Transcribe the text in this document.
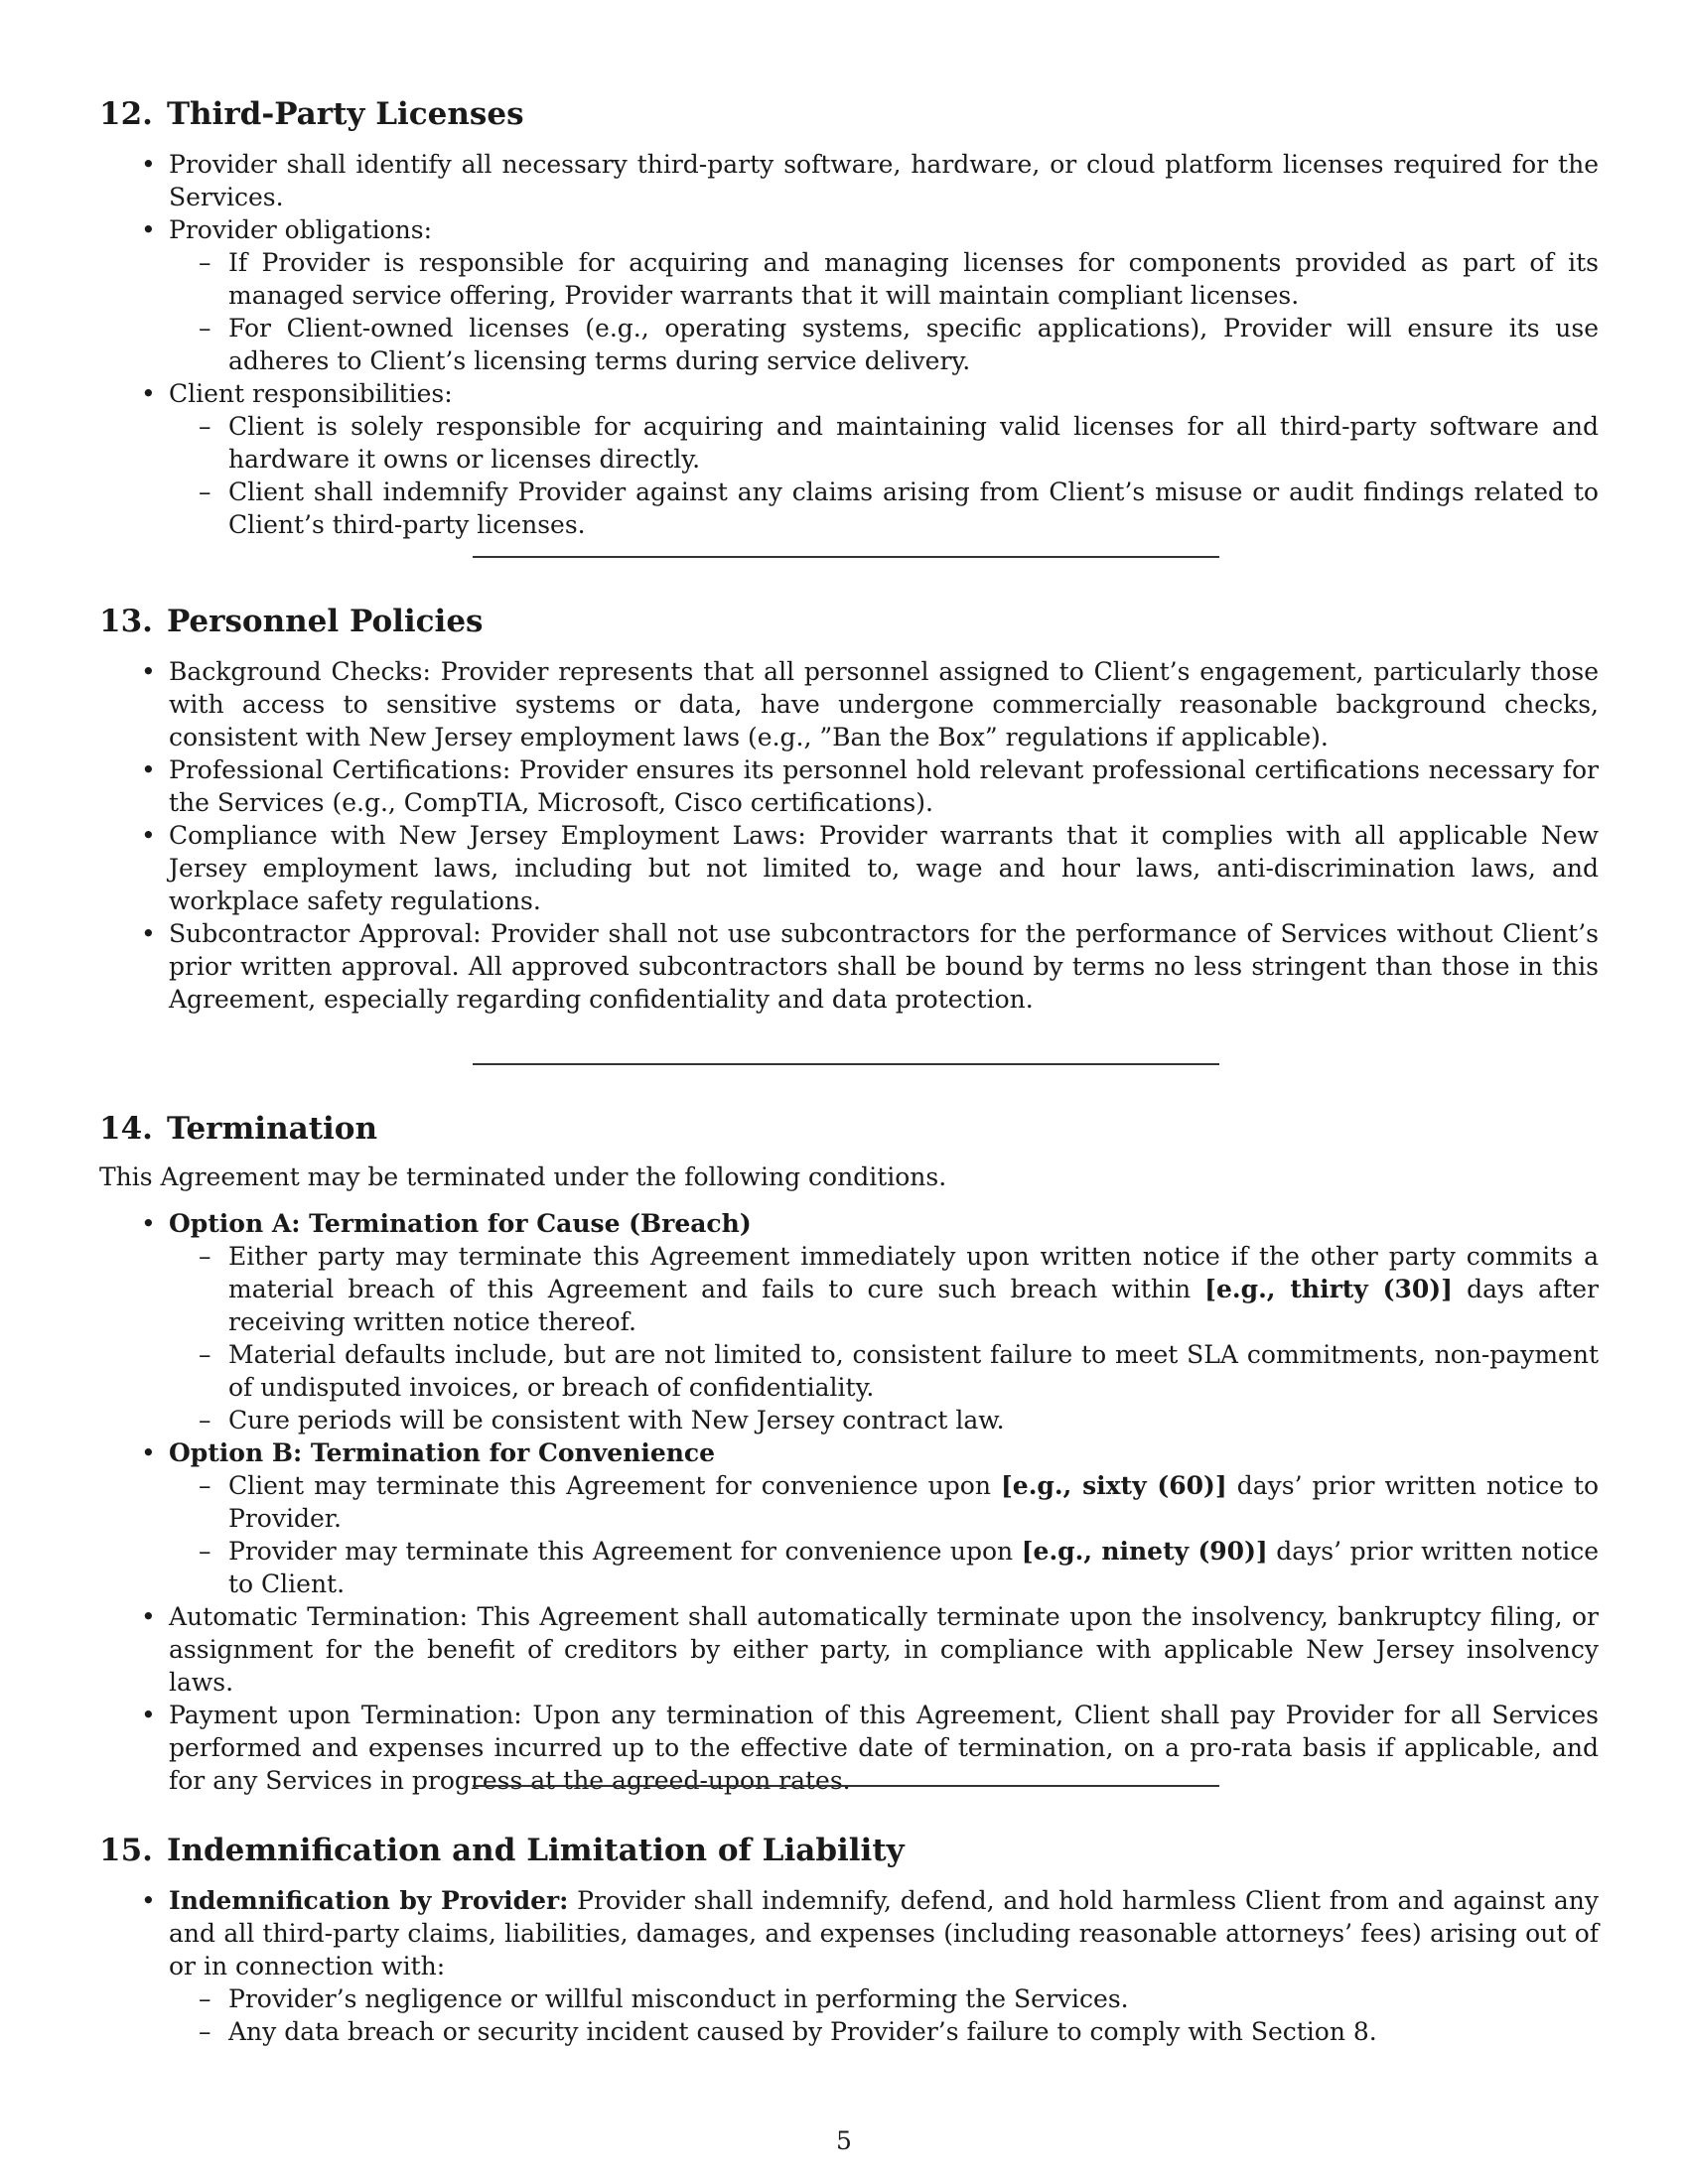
12. Third-Party Licenses
• Provider shall identify all necessary third-party software, hardware, or cloud platform licenses required for the Services.
• Provider obligations:
– If Provider is responsible for acquiring and managing licenses for components provided as part of its managed service offering, Provider warrants that it will maintain compliant licenses.
– For Client-owned licenses (e.g., operating systems, specific applications), Provider will ensure its use adheres to Client’s licensing terms during service delivery.
• Client responsibilities:
– Client is solely responsible for acquiring and maintaining valid licenses for all third-party software and hardware it owns or licenses directly.
– Client shall indemnify Provider against any claims arising from Client’s misuse or audit findings related to Client’s third-party licenses.
13. Personnel Policies
• Background Checks: Provider represents that all personnel assigned to Client’s engagement, particularly those with access to sensitive systems or data, have undergone commercially reasonable background checks, consistent with New Jersey employment laws (e.g., ”Ban the Box” regulations if applicable).
• Professional Certifications: Provider ensures its personnel hold relevant professional certifications necessary for the Services (e.g., CompTIA, Microsoft, Cisco certifications).
• Compliance with New Jersey Employment Laws: Provider warrants that it complies with all applicable New Jersey employment laws, including but not limited to, wage and hour laws, anti-discrimination laws, and workplace safety regulations.
• Subcontractor Approval: Provider shall not use subcontractors for the performance of Services without Client’s prior written approval. All approved subcontractors shall be bound by terms no less stringent than those in this Agreement, especially regarding confidentiality and data protection.
14. Termination

This Agreement may be terminated under the following conditions.

• Option A: Termination for Cause (Breach)
– Either party may terminate this Agreement immediately upon written notice if the other party commits a material breach of this Agreement and fails to cure such breach within [e.g., thirty (30)] days after receiving written notice thereof.
– Material defaults include, but are not limited to, consistent failure to meet SLA commitments, non-payment of undisputed invoices, or breach of confidentiality.
– Cure periods will be consistent with New Jersey contract law.
• Option B: Termination for Convenience
– Client may terminate this Agreement for convenience upon [e.g., sixty (60)] days’ prior written notice to Provider.
– Provider may terminate this Agreement for convenience upon [e.g., ninety (90)] days’ prior written notice to Client.
• Automatic Termination: This Agreement shall automatically terminate upon the insolvency, bankruptcy filing, or assignment for the benefit of creditors by either party, in compliance with applicable New Jersey insolvency laws.
• Payment upon Termination: Upon any termination of this Agreement, Client shall pay Provider for all Services performed and expenses incurred up to the effective date of termination, on a pro-rata basis if applicable, and for any Services in progress at the agreed-upon rates.
15. Indemnification and Limitation of Liability
• Indemnification by Provider: Provider shall indemnify, defend, and hold harmless Client from and against any and all third-party claims, liabilities, damages, and expenses (including reasonable attorneys’ fees) arising out of or in connection with:
– Provider’s negligence or willful misconduct in performing the Services.
– Any data breach or security incident caused by Provider’s failure to comply with Section 8.
5
